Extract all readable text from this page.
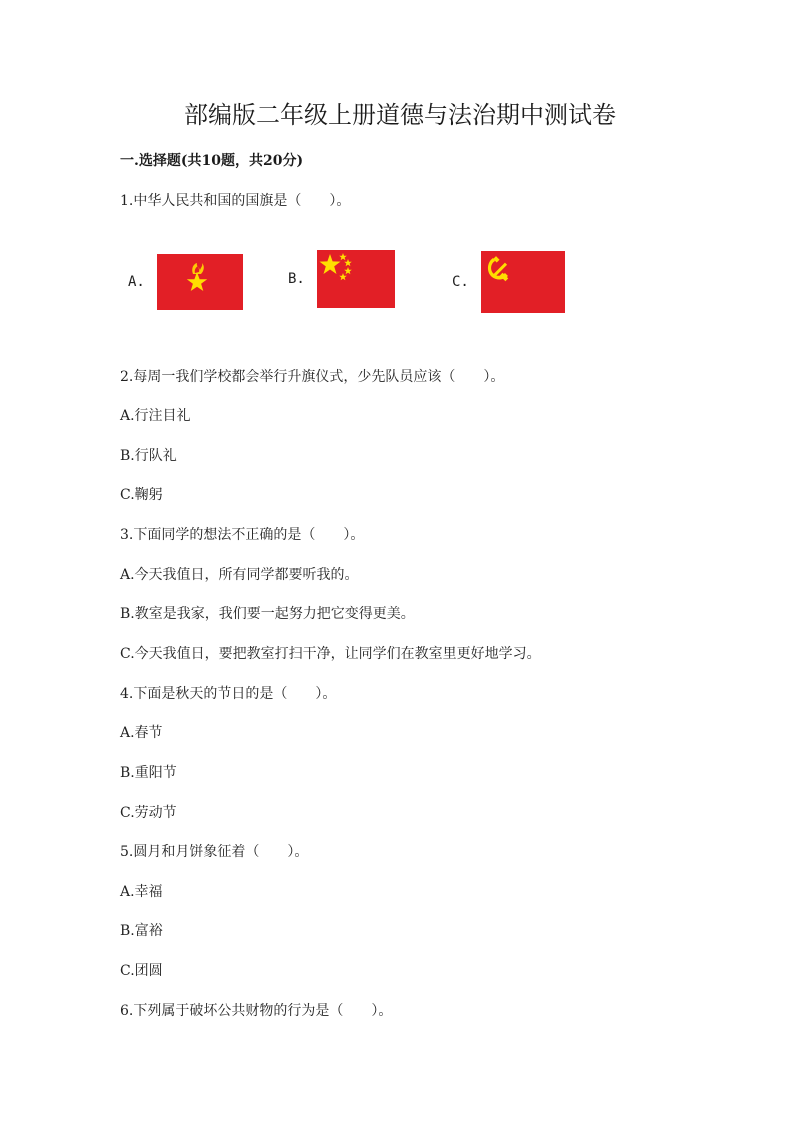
部编版二年级上册道德与法治期中测试卷
一.选择题(共10题，共20分)
1.中华人民共和国的国旗是（　　）。
A.	B.	C.
2.每周一我们学校都会举行升旗仪式，少先队员应该（　　）。
A.行注目礼
B.行队礼
C.鞠躬
3.下面同学的想法不正确的是（　　）。
A.今天我值日，所有同学都要听我的。
B.教室是我家，我们要一起努力把它变得更美。
C.今天我值日，要把教室打扫干净，让同学们在教室里更好地学习。
4.下面是秋天的节日的是（　　）。
A.春节
B.重阳节
C.劳动节
5.圆月和月饼象征着（　　）。
A.幸福
B.富裕
C.团圆
6.下列属于破坏公共财物的行为是（　　）。
